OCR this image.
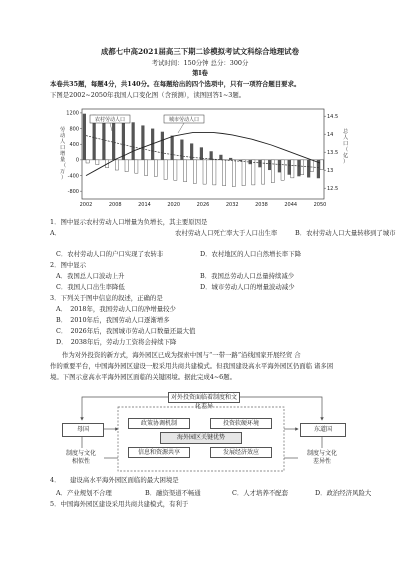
成都七中高2021届高三下期二诊模拟考试文科综合地理试卷
考试时间：150分钟 总分：300分
第I卷
本卷共35题，每题4分，共140分。在每题给出的四个选项中，只有一项符合题目要求。
下图是2002~2050年我国人口变化图（含预测），读图回答1~3题。
1200
800
400
0
-400
-800
14.5
14
13.5
13
12.5
2002	2008	2014	2020	2026	2032	2038	2044	2050
劳动人口增量（万）
总人口（亿）
农村劳动人口	城市劳动人口
1．图中显示农村劳动人口增量为负增长，其主要原因是
A．	农村劳动人口死亡率大于人口出生率	B．农村劳动人口大量转移到了城市
C．农村劳动人口的户口实现了农转非	D．农村地区的人口自然增长率下降
2．图中显示
A．我国总人口波动上升	B．我国总劳动人口总量持续减少
C．我国人口出生率降低	D．城市劳动人口的增量波动减少
3．下列关于图中信息的叙述，正确的是
A．　2018年，我国劳动人口的净增量较少
B．　2010年后，我国劳动人口逐渐增多
C．　2026年后，我国城市劳动人口数量还最大值
D．　2038年后，劳动力工资将会持续下降
作为对外投资的新方式，海外园区已成为探索中国与“一带一路”沿线国家开展经贸 合
作的重要平台，中国海外园区建设一般采用共商共建模式。但我国建设高水平海外园区仍面临 诸多困
境。下图示意高水平海外园区面临的关键困境。据此完成4~6题。
对外投资面临着制度和文化差异
母国	东道国
政策协调机制	投资软硬环境
海外园区关键优势
信息和资源共享	发展经济效应
制度与文化
相似性
制度与文化
差异性
4．　　建设高水平海外园区面临的最大困境是
A．产业规划不合理	B．融资渠道不畅通	C．人才培养不配套	D．政治经济风险大
5．中国海外园区建设采用共商共建模式，有利于
